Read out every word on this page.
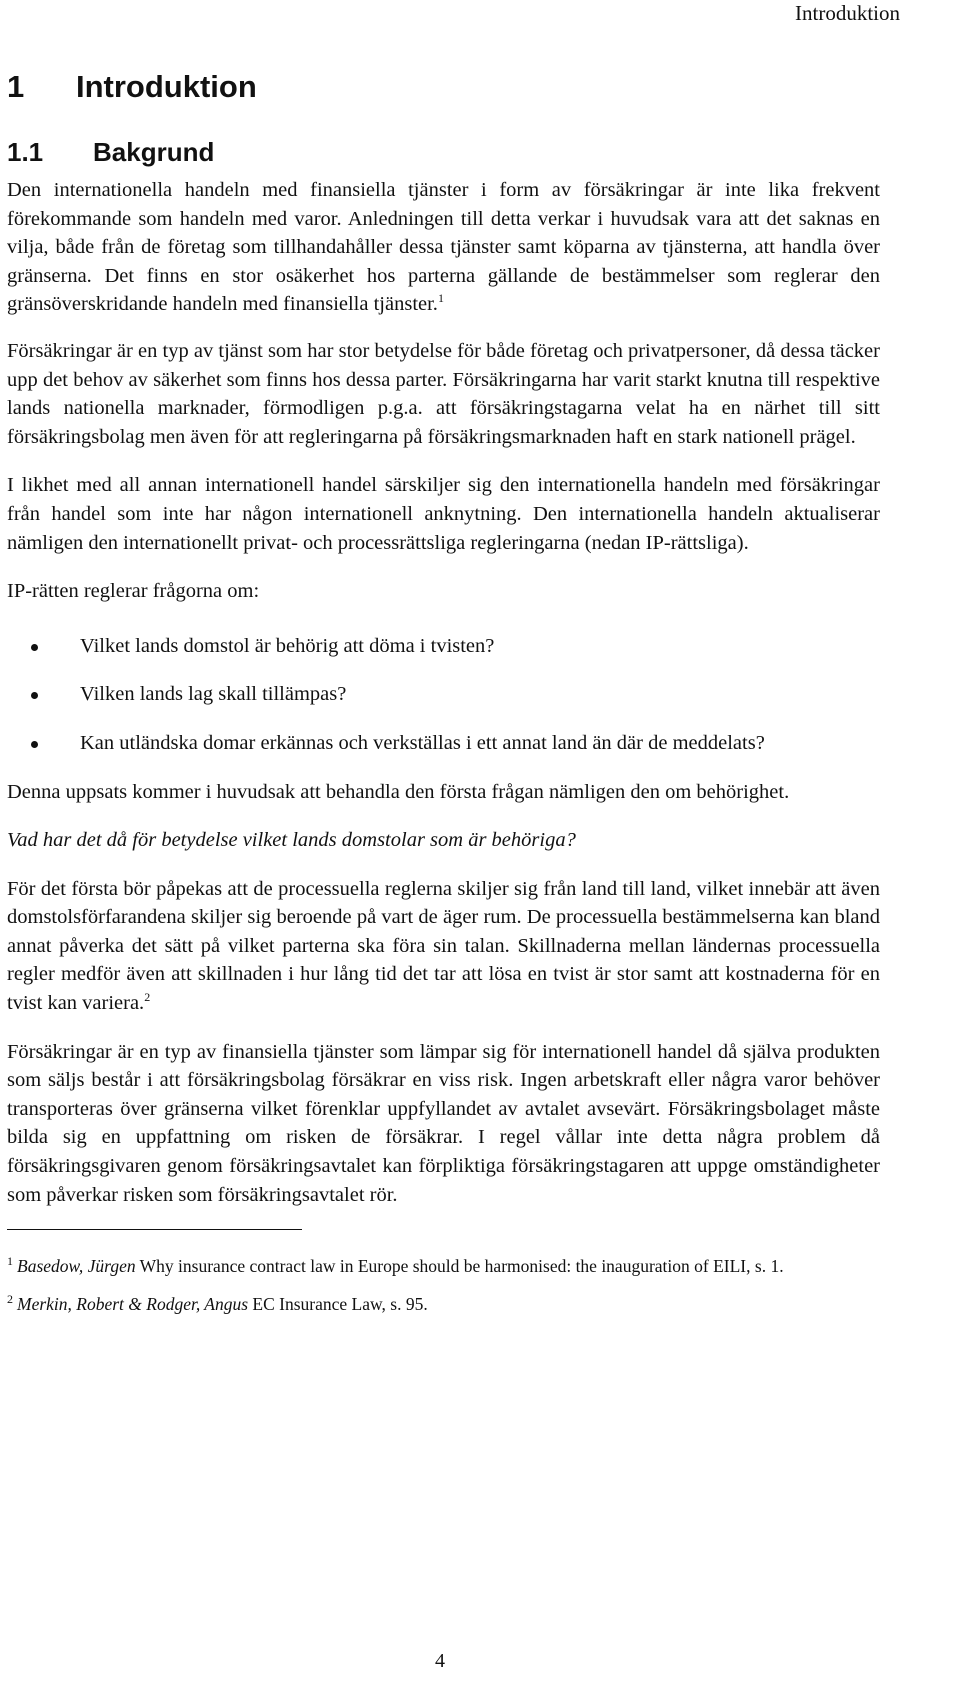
Introduktion
1 Introduktion
1.1 Bakgrund

Den internationella handeln med finansiella tjänster i form av försäkringar är inte lika frekvent förekommande som handeln med varor. Anledningen till detta verkar i huvudsak vara att det saknas en vilja, både från de företag som tillhandahåller dessa tjänster samt köparna av tjänsterna, att handla över gränserna. Det finns en stor osäkerhet hos parterna gällande de bestämmelser som reglerar den gränsöverskridande handeln med finansiella tjänster.$^1$

Försäkringar är en typ av tjänst som har stor betydelse för både företag och privatpersoner, då dessa täcker upp det behov av säkerhet som finns hos dessa parter. Försäkringarna har varit starkt knutna till respektive lands nationella marknader, förmodligen p.g.a. att försäkringstagarna velat ha en närhet till sitt försäkringsbolag men även för att regleringarna på försäkringsmarknaden haft en stark nationell prägel.

I likhet med all annan internationell handel särskiljer sig den internationella handeln med försäkringar från handel som inte har någon internationell anknytning. Den internationella handeln aktualiserar nämligen den internationellt privat- och processrättsliga regleringarna (nedan IP-rättsliga).

IP-rätten reglerar frågorna om:

Vilket lands domstol är behörig att döma i tvisten?
Vilken lands lag skall tillämpas?
Kan utländska domar erkännas och verkställas i ett annat land än där de meddelats?

Denna uppsats kommer i huvudsak att behandla den första frågan nämligen den om behörighet.

Vad har det då för betydelse vilket lands domstolar som är behöriga?

För det första bör påpekas att de processuella reglerna skiljer sig från land till land, vilket innebär att även domstolsförfarandena skiljer sig beroende på vart de äger rum. De processuella bestämmelserna kan bland annat påverka det sätt på vilket parterna ska föra sin talan. Skillnaderna mellan ländernas processuella regler medför även att skillnaden i hur lång tid det tar att lösa en tvist är stor samt att kostnaderna för en tvist kan variera.$^2$

Försäkringar är en typ av finansiella tjänster som lämpar sig för internationell handel då själva produkten som säljs består i att försäkringsbolag försäkrar en viss risk. Ingen arbetskraft eller några varor behöver transporteras över gränserna vilket förenklar uppfyllandet av avtalet avsevärt. Försäkringsbolaget måste bilda sig en uppfattning om risken de försäkrar. I regel vållar inte detta några problem då försäkringsgivaren genom försäkringsavtalet kan förpliktiga försäkringstagaren att uppge omständigheter som påverkar risken som försäkringsavtalet rör.

$^1$ Basedow, Jürgen Why insurance contract law in Europe should be harmonised: the inauguration of EILI, s. 1.

$^2$ Merkin, Robert & Rodger, Angus EC Insurance Law, s. 95.

4
